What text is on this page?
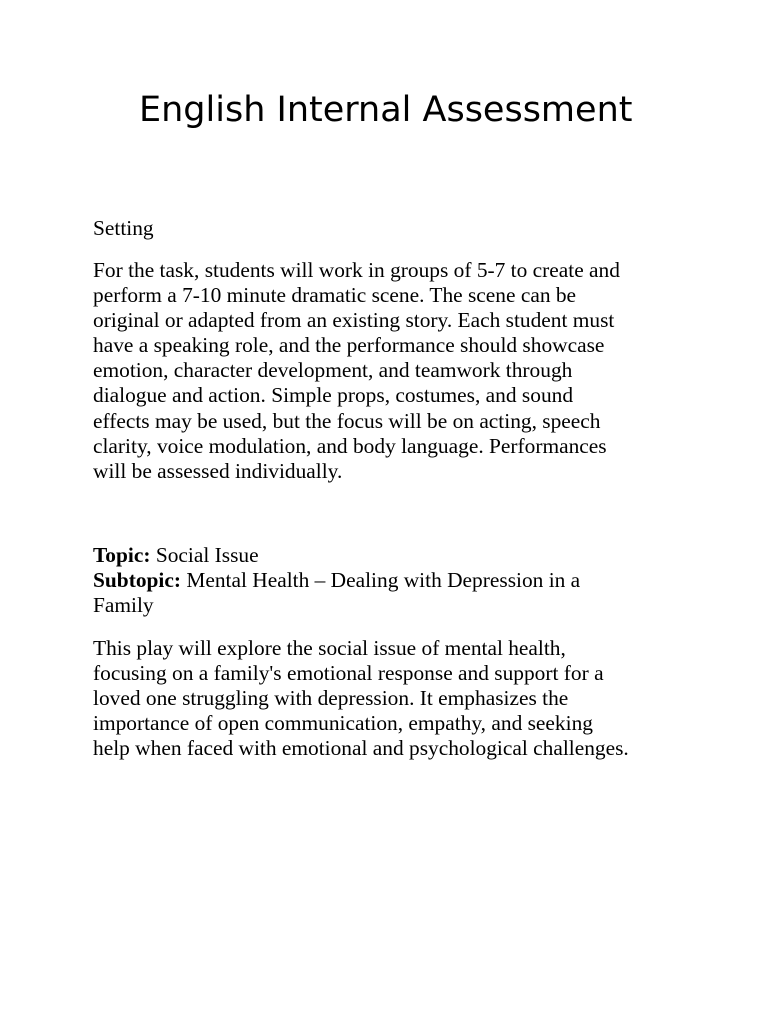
English Internal Assessment

Setting

For the task, students will work in groups of 5-7 to create and
perform a 7-10 minute dramatic scene. The scene can be
original or adapted from an existing story. Each student must
have a speaking role, and the performance should showcase
emotion, character development, and teamwork through
dialogue and action. Simple props, costumes, and sound
effects may be used, but the focus will be on acting, speech
clarity, voice modulation, and body language. Performances
will be assessed individually.

Topic: Social Issue
Subtopic: Mental Health – Dealing with Depression in a
Family

This play will explore the social issue of mental health,
focusing on a family's emotional response and support for a
loved one struggling with depression. It emphasizes the
importance of open communication, empathy, and seeking
help when faced with emotional and psychological challenges.
